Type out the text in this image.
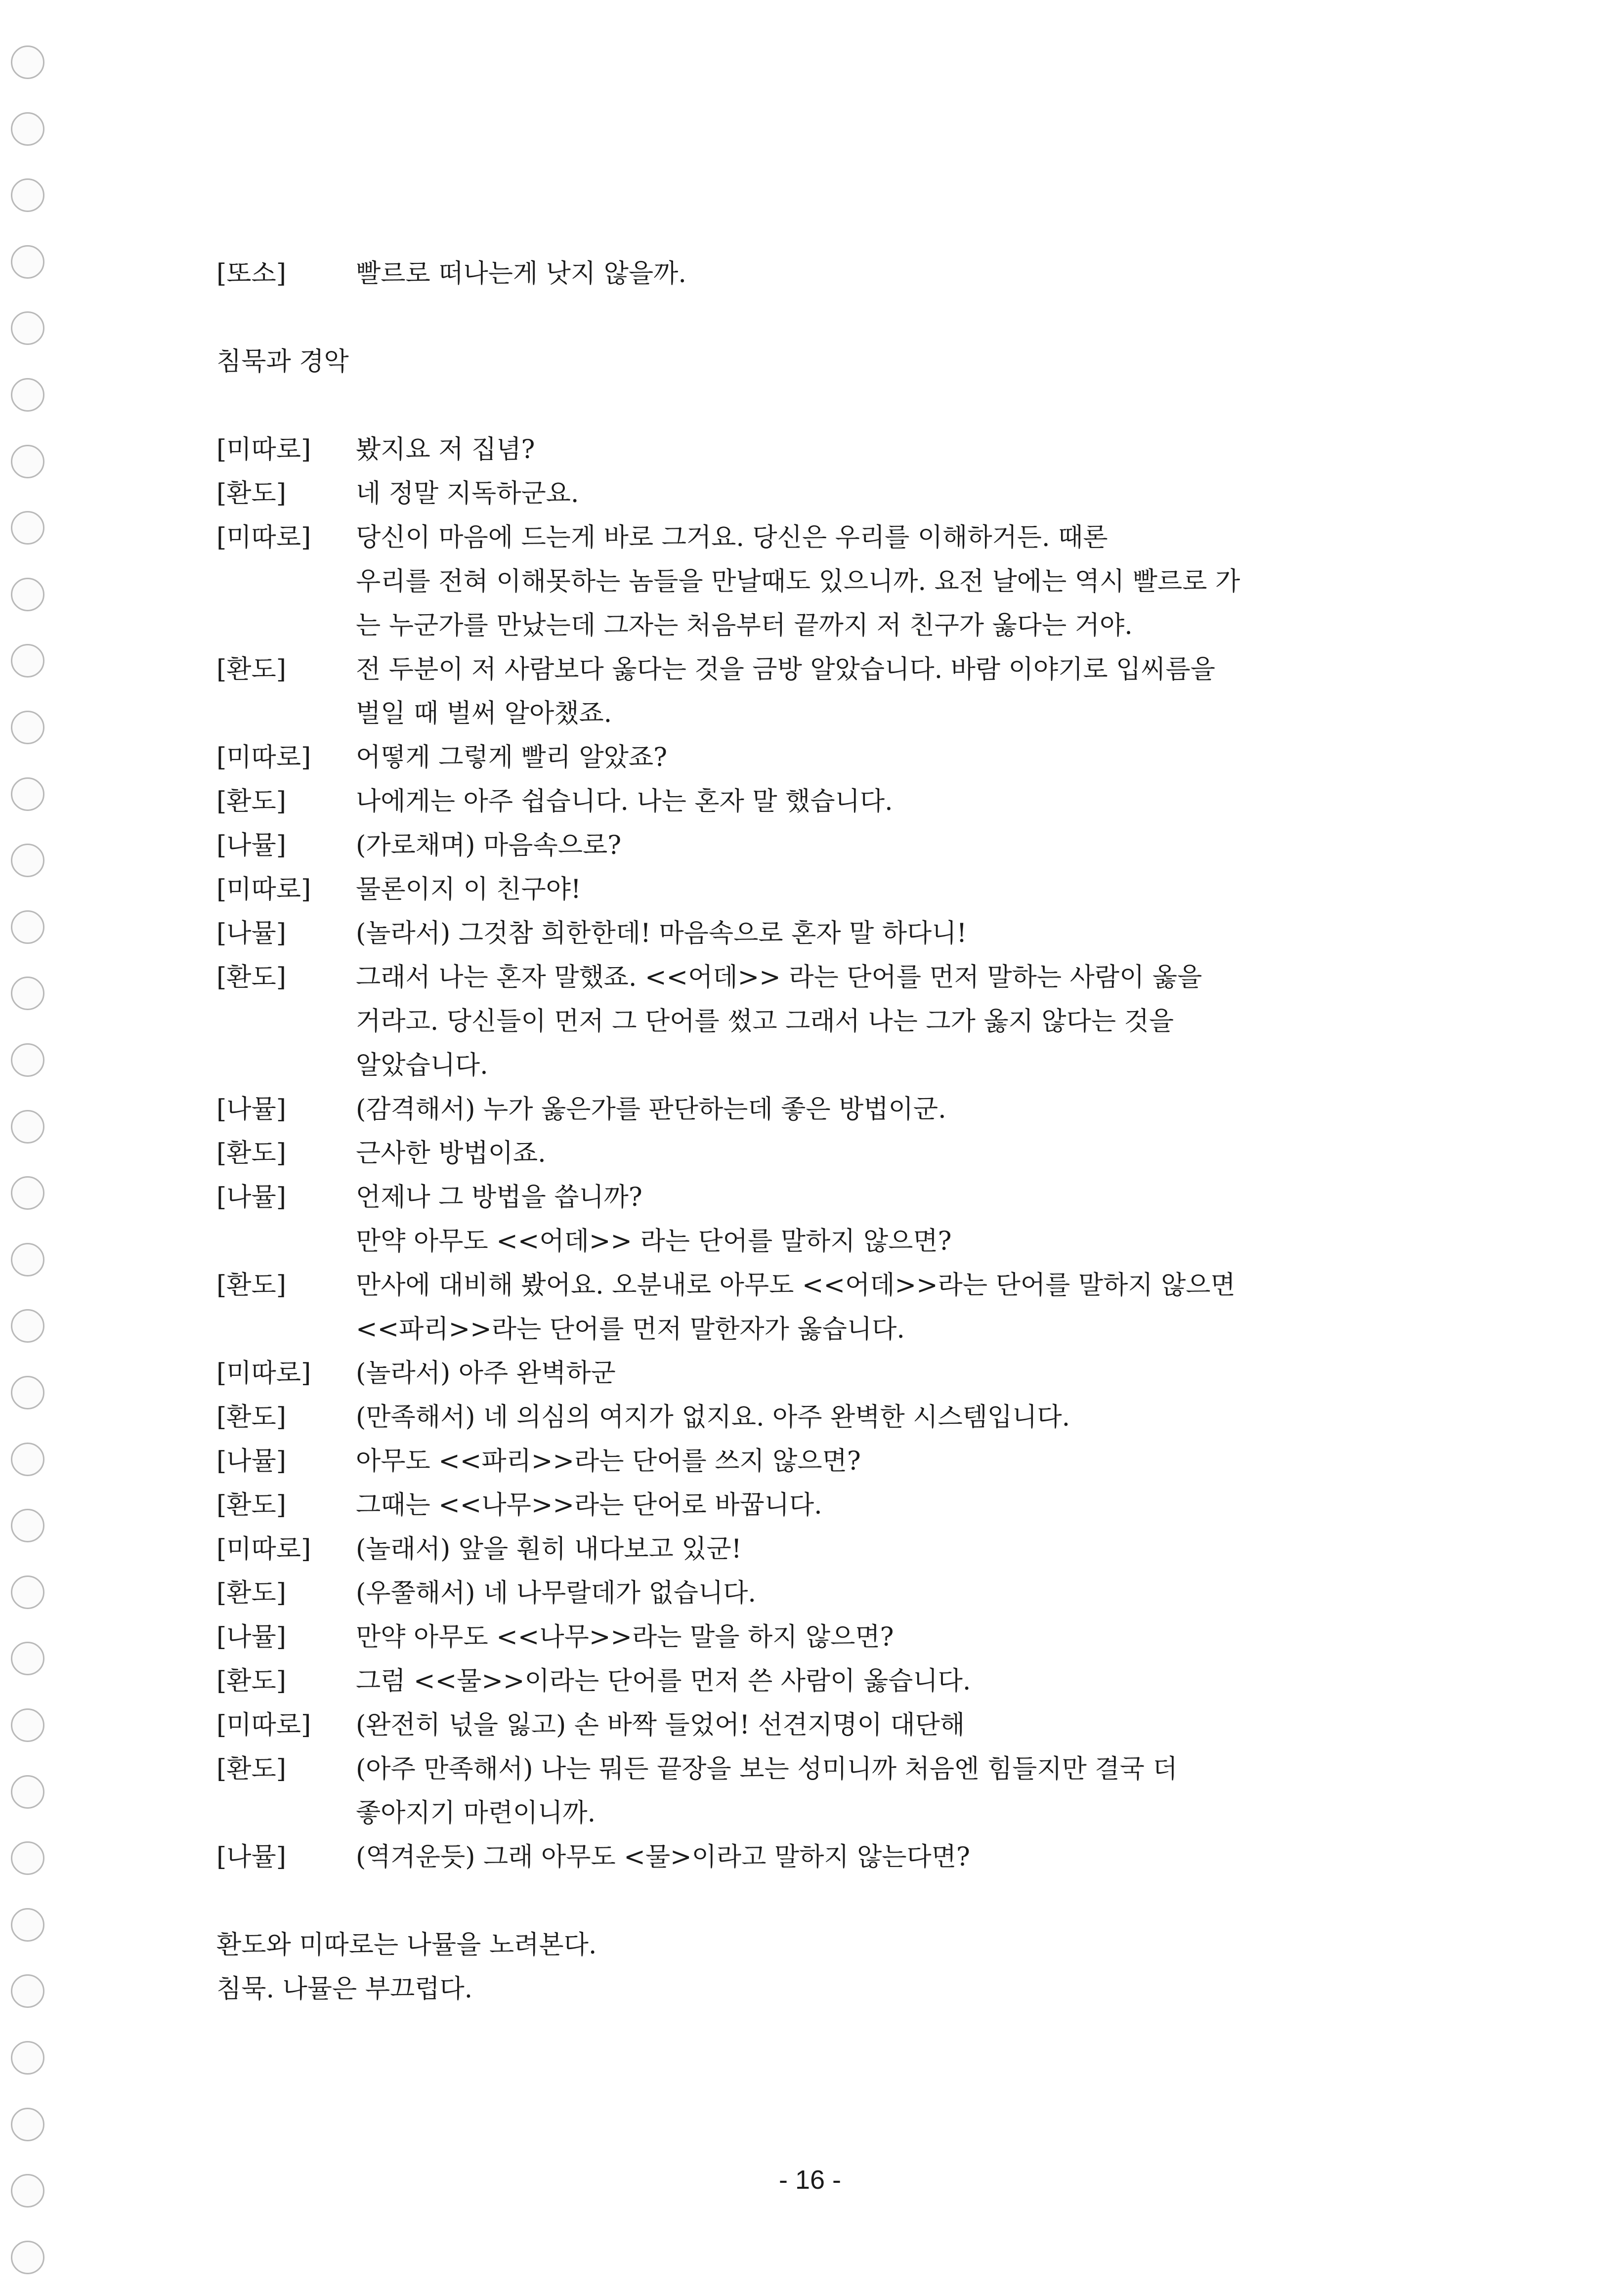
[또소]	빨르로 떠나는게 낫지 않을까.
침묵과 경악
[미따로]	봤지요 저 집념?
[환도]	네 정말 지독하군요.
[미따로]	당신이 마음에 드는게 바로 그거요. 당신은 우리를 이해하거든. 때론
우리를 전혀 이해못하는 놈들을 만날때도 있으니까. 요전 날에는 역시 빨르로 가
는 누군가를 만났는데 그자는 처음부터 끝까지 저 친구가 옳다는 거야.
[환도]	전 두분이 저 사람보다 옳다는 것을 금방 알았습니다. 바람 이야기로 입씨름을
벌일 때 벌써 알아챘죠.
[미따로]	어떻게 그렇게 빨리 알았죠?
[환도]	나에게는 아주 쉽습니다. 나는 혼자 말 했습니다.
[나뮬]	(가로채며) 마음속으로?
[미따로]	물론이지 이 친구야!
[나뮬]	(놀라서) 그것참 희한한데! 마음속으로 혼자 말 하다니!
[환도]	그래서 나는 혼자 말했죠. <<어데>> 라는 단어를 먼저 말하는 사람이 옳을
거라고. 당신들이 먼저 그 단어를 썼고 그래서 나는 그가 옳지 않다는 것을
알았습니다.
[나뮬]	(감격해서) 누가 옳은가를 판단하는데 좋은 방법이군.
[환도]	근사한 방법이죠.
[나뮬]	언제나 그 방법을 씁니까?
만약 아무도 <<어데>> 라는 단어를 말하지 않으면?
[환도]	만사에 대비해 봤어요. 오분내로 아무도 <<어데>>라는 단어를 말하지 않으면
<<파리>>라는 단어를 먼저 말한자가 옳습니다.
[미따로]	(놀라서) 아주 완벽하군
[환도]	(만족해서) 네 의심의 여지가 없지요. 아주 완벽한 시스템입니다.
[나뮬]	아무도 <<파리>>라는 단어를 쓰지 않으면?
[환도]	그때는 <<나무>>라는 단어로 바꿉니다.
[미따로]	(놀래서) 앞을 훤히 내다보고 있군!
[환도]	(우쭐해서) 네 나무랄데가 없습니다.
[나뮬]	만약 아무도 <<나무>>라는 말을 하지 않으면?
[환도]	그럼 <<물>>이라는 단어를 먼저 쓴 사람이 옳습니다.
[미따로]	(완전히 넋을 잃고) 손 바짝 들었어! 선견지명이 대단해
[환도]	(아주 만족해서) 나는 뭐든 끝장을 보는 성미니까 처음엔 힘들지만 결국 더
좋아지기 마련이니까.
[나뮬]	(역겨운듯) 그래 아무도 <물>이라고 말하지 않는다면?
환도와 미따로는 나뮬을 노려본다.
침묵. 나뮬은 부끄럽다.
- 16 -
